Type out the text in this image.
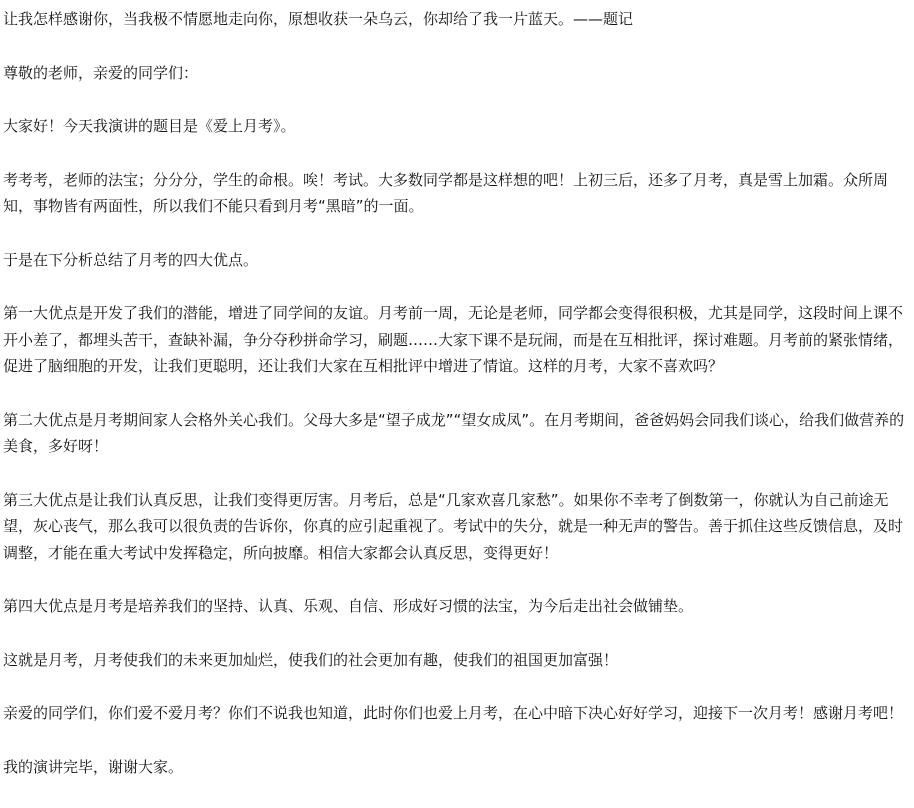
让我怎样感谢你，当我极不情愿地走向你，原想收获一朵乌云，你却给了我一片蓝天。——题记

尊敬的老师，亲爱的同学们：

大家好！今天我演讲的题目是《爱上月考》。

考考考，老师的法宝；分分分，学生的命根。唉！考试。大多数同学都是这样想的吧！上初三后，还多了月考，真是雪上加霜。众所周知，事物皆有两面性，所以我们不能只看到月考“黑暗”的一面。

于是在下分析总结了月考的四大优点。

第一大优点是开发了我们的潜能，增进了同学间的友谊。月考前一周，无论是老师，同学都会变得很积极，尤其是同学，这段时间上课不开小差了，都埋头苦干，查缺补漏，争分夺秒拼命学习，刷题……大家下课不是玩闹，而是在互相批评，探讨难题。月考前的紧张情绪，促进了脑细胞的开发，让我们更聪明，还让我们大家在互相批评中增进了情谊。这样的月考，大家不喜欢吗？

第二大优点是月考期间家人会格外关心我们。父母大多是“望子成龙”“望女成凤”。在月考期间，爸爸妈妈会同我们谈心，给我们做营养的美食，多好呀！

第三大优点是让我们认真反思，让我们变得更厉害。月考后，总是“几家欢喜几家愁”。如果你不幸考了倒数第一，你就认为自己前途无望，灰心丧气，那么我可以很负责的告诉你，你真的应引起重视了。考试中的失分，就是一种无声的警告。善于抓住这些反馈信息，及时调整，才能在重大考试中发挥稳定，所向披靡。相信大家都会认真反思，变得更好！

第四大优点是月考是培养我们的坚持、认真、乐观、自信、形成好习惯的法宝，为今后走出社会做铺垫。

这就是月考，月考使我们的未来更加灿烂，使我们的社会更加有趣，使我们的祖国更加富强！

亲爱的同学们，你们爱不爱月考？你们不说我也知道，此时你们也爱上月考，在心中暗下决心好好学习，迎接下一次月考！感谢月考吧！

我的演讲完毕，谢谢大家。
